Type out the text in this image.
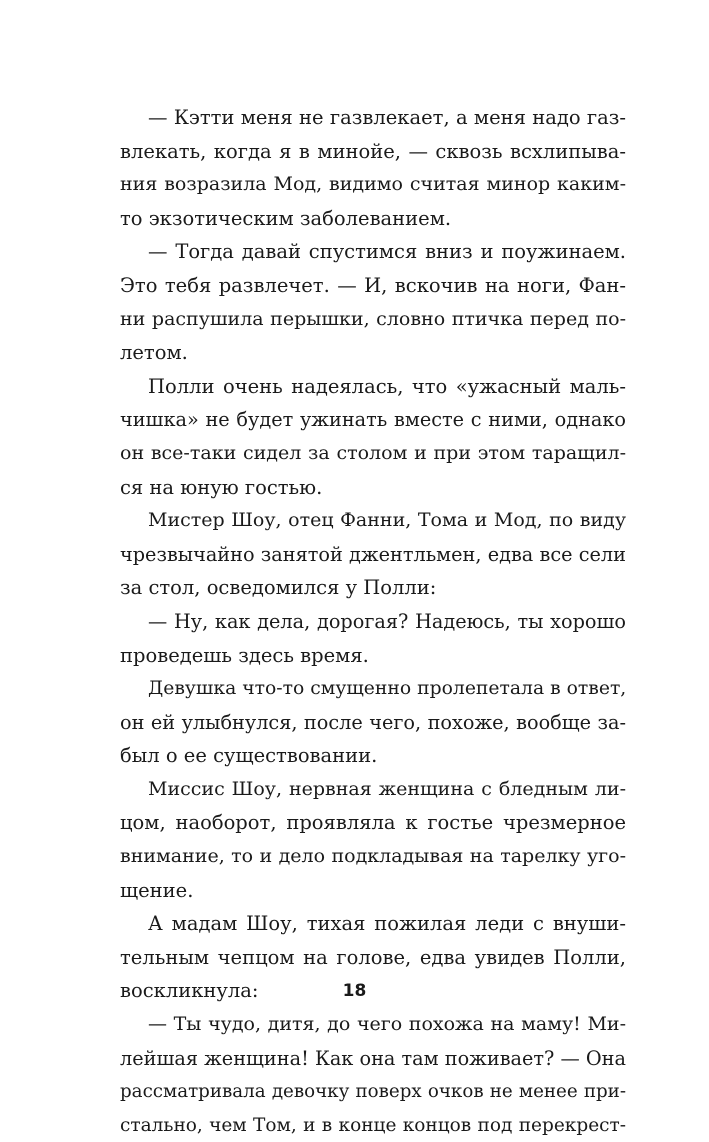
— Кэтти меня не газвлекает, а меня надо газ-
влекать, когда я в минойе, — сквозь всхлипыва-
ния возразила Мод, видимо считая минор каким-
то экзотическим заболеванием.
— Тогда давай спустимся вниз и поужинаем.
Это тебя развлечет. — И, вскочив на ноги, Фан-
ни распушила перышки, словно птичка перед по-
летом.
Полли очень надеялась, что «ужасный маль-
чишка» не будет ужинать вместе с ними, однако
он все-таки сидел за столом и при этом таращил-
ся на юную гостью.
Мистер Шоу, отец Фанни, Тома и Мод, по виду
чрезвычайно занятой джентльмен, едва все сели
за стол, осведомился у Полли:
— Ну, как дела, дорогая? Надеюсь, ты хорошо
проведешь здесь время.
Девушка что-то смущенно пролепетала в ответ,
он ей улыбнулся, после чего, похоже, вообще за-
был о ее существовании.
Миссис Шоу, нервная женщина с бледным ли-
цом, наоборот, проявляла к гостье чрезмерное
внимание, то и дело подкладывая на тарелку уго-
щение.
А мадам Шоу, тихая пожилая леди с внуши-
тельным чепцом на голове, едва увидев Полли,
воскликнула:
— Ты чудо, дитя, до чего похожа на маму! Ми-
лейшая женщина! Как она там поживает? — Она
рассматривала девочку поверх очков не менее при-
стально, чем Том, и в конце концов под перекрест-
18
